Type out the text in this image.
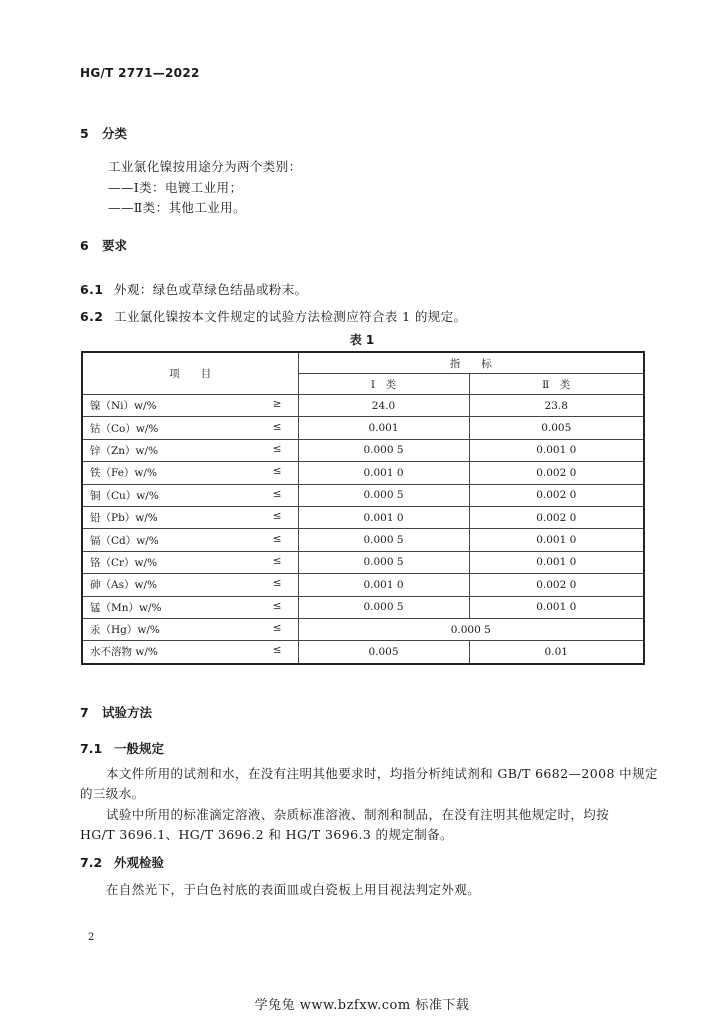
HG/T 2771—2022
5 分类
工业氯化镍按用途分为两个类别：
——Ⅰ类：电镀工业用；
——Ⅱ类：其他工业用。
6 要求
6.1 外观：绿色或草绿色结晶或粉末。
6.2 工业氯化镍按本文件规定的试验方法检测应符合表 1 的规定。
表 1
项　　目	指　　标	
	Ⅰ　类	Ⅱ　类
镍（Ni）w/% ≥	24.0	23.8
钴（Co）w/% ≤	0.001	0.005
锌（Zn）w/% ≤	0.000 5	0.001 0
铁（Fe）w/% ≤	0.001 0	0.002 0
铜（Cu）w/% ≤	0.000 5	0.002 0
铅（Pb）w/% ≤	0.001 0	0.002 0
镉（Cd）w/% ≤	0.000 5	0.001 0
铬（Cr）w/% ≤	0.000 5	0.001 0
砷（As）w/% ≤	0.001 0	0.002 0
锰（Mn）w/% ≤	0.000 5	0.001 0
汞（Hg）w/% ≤	0.000 5	
水不溶物 w/% ≤	0.005	0.01
7 试验方法
7.1 一般规定
本文件所用的试剂和水，在没有注明其他要求时，均指分析纯试剂和 GB/T 6682—2008 中规定
的三级水。
试验中所用的标准滴定溶液、杂质标准溶液、制剂和制品，在没有注明其他规定时，均按
HG/T 3696.1、HG/T 3696.2 和 HG/T 3696.3 的规定制备。
7.2 外观检验
在自然光下，于白色衬底的表面皿或白瓷板上用目视法判定外观。
2
学兔兔 www.bzfxw.com 标准下载
